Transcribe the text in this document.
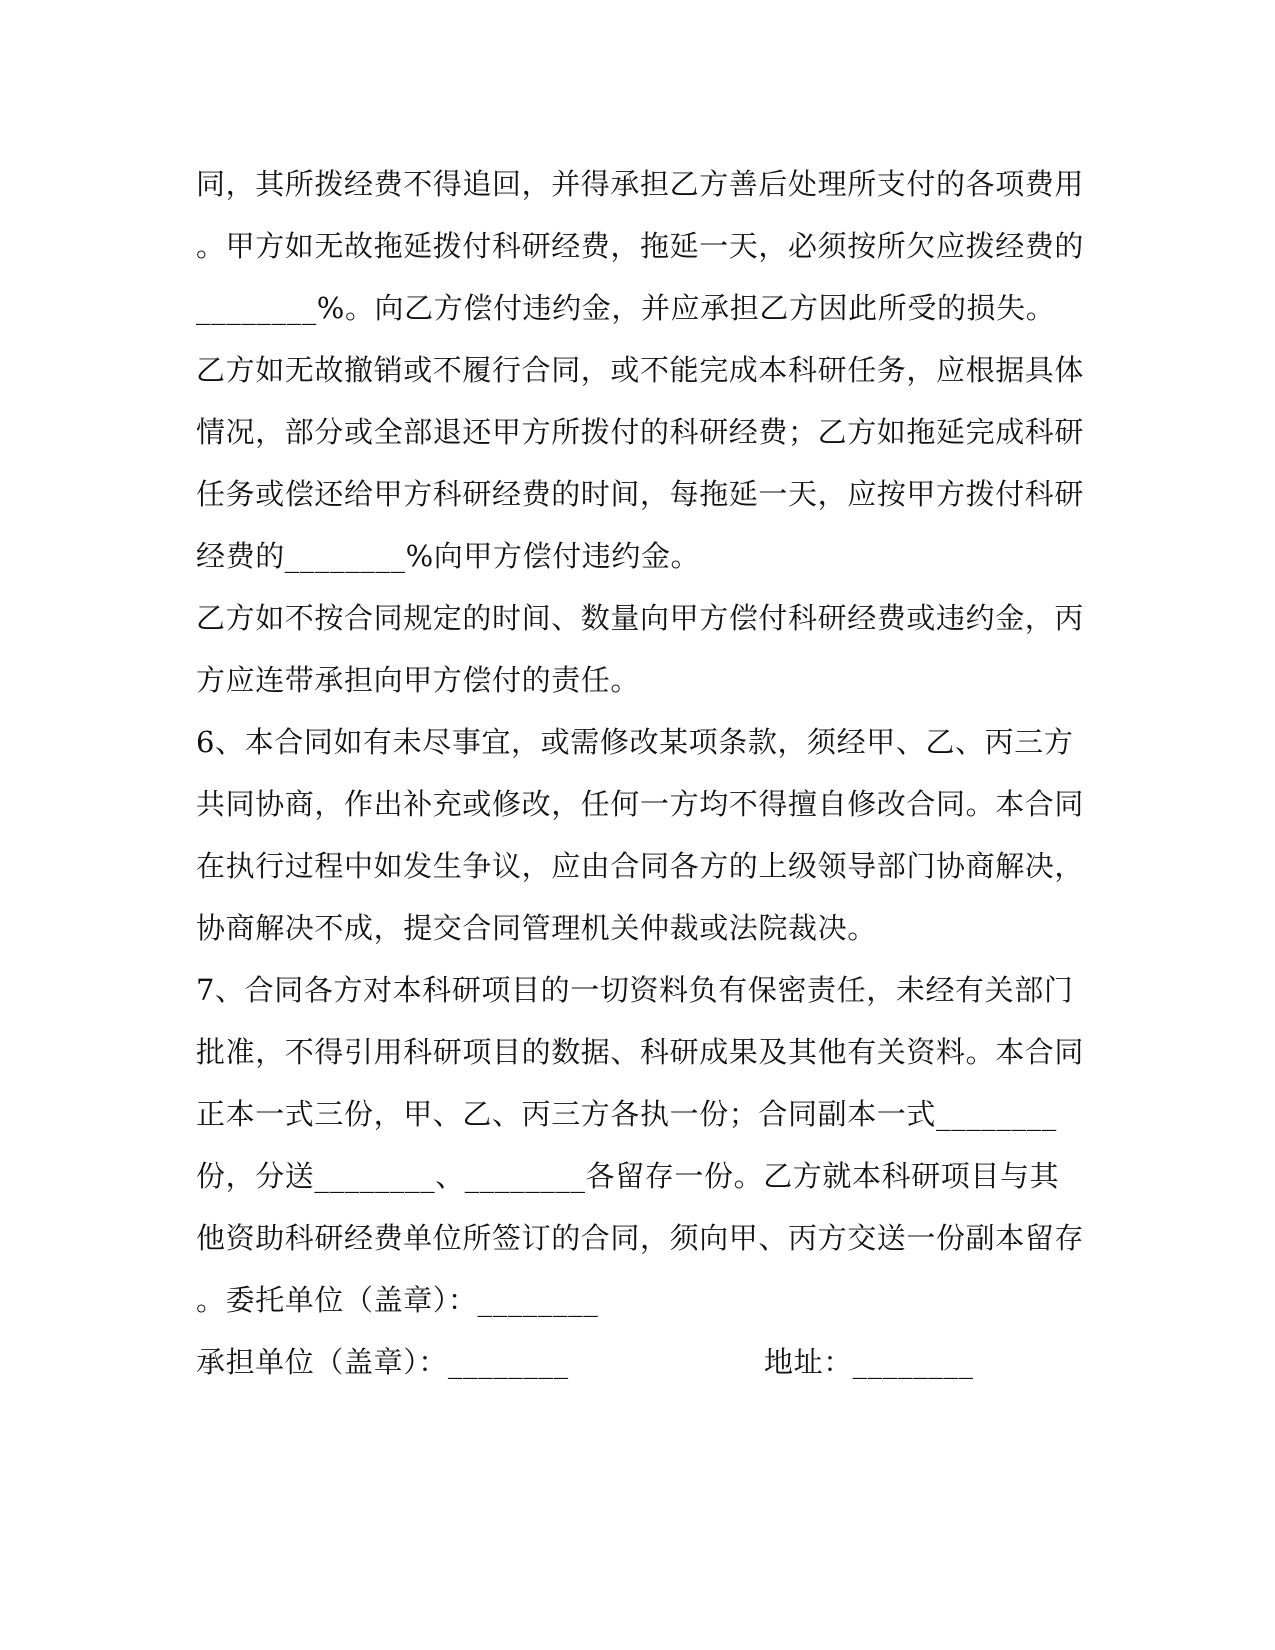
同，其所拨经费不得追回，并得承担乙方善后处理所支付的各项费用
。甲方如无故拖延拨付科研经费，拖延一天，必须按所欠应拨经费的
________%。向乙方偿付违约金，并应承担乙方因此所受的损失。
乙方如无故撤销或不履行合同，或不能完成本科研任务，应根据具体
情况，部分或全部退还甲方所拨付的科研经费；乙方如拖延完成科研
任务或偿还给甲方科研经费的时间，每拖延一天，应按甲方拨付科研
经费的________%向甲方偿付违约金。
乙方如不按合同规定的时间、数量向甲方偿付科研经费或违约金，丙
方应连带承担向甲方偿付的责任。
6、本合同如有未尽事宜，或需修改某项条款，须经甲、乙、丙三方
共同协商，作出补充或修改，任何一方均不得擅自修改合同。本合同
在执行过程中如发生争议，应由合同各方的上级领导部门协商解决，
协商解决不成，提交合同管理机关仲裁或法院裁决。
7、合同各方对本科研项目的一切资料负有保密责任，未经有关部门
批准，不得引用科研项目的数据、科研成果及其他有关资料。本合同
正本一式三份，甲、乙、丙三方各执一份；合同副本一式________
份，分送________、________各留存一份。乙方就本科研项目与其
他资助科研经费单位所签订的合同，须向甲、丙方交送一份副本留存
。委托单位（盖章）：________
承担单位（盖章）：________	地址：________
